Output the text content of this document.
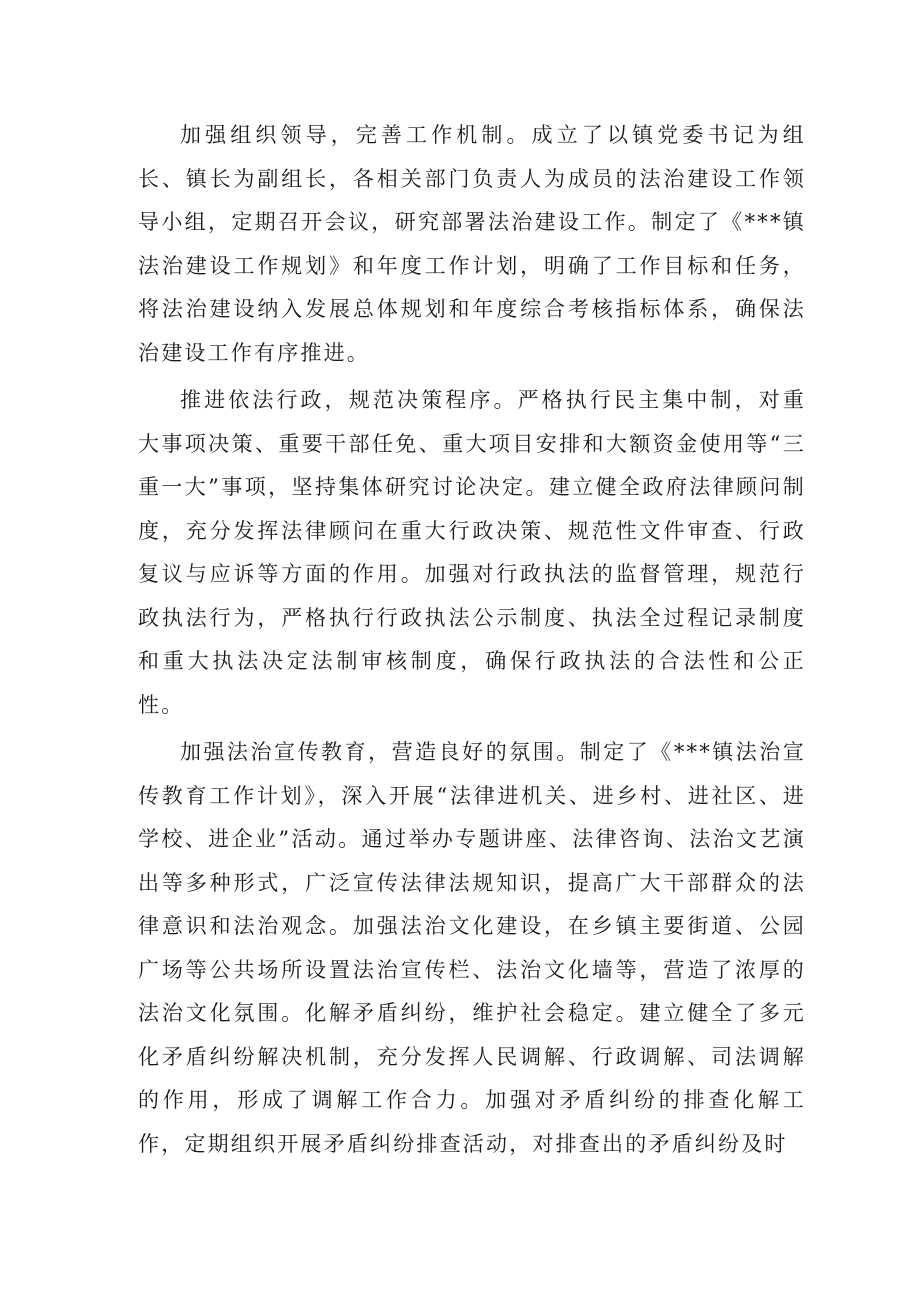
加强组织领导，完善工作机制。成立了以镇党委书记为组长、镇长为副组长，各相关部门负责人为成员的法治建设工作领导小组，定期召开会议，研究部署法治建设工作。制定了《***镇法治建设工作规划》和年度工作计划，明确了工作目标和任务，将法治建设纳入发展总体规划和年度综合考核指标体系，确保法治建设工作有序推进。

推进依法行政，规范决策程序。严格执行民主集中制，对重大事项决策、重要干部任免、重大项目安排和大额资金使用等“三重一大”事项，坚持集体研究讨论决定。建立健全政府法律顾问制度，充分发挥法律顾问在重大行政决策、规范性文件审查、行政复议与应诉等方面的作用。加强对行政执法的监督管理，规范行政执法行为，严格执行行政执法公示制度、执法全过程记录制度和重大执法决定法制审核制度，确保行政执法的合法性和公正性。

加强法治宣传教育，营造良好的氛围。制定了《***镇法治宣传教育工作计划》，深入开展“法律进机关、进乡村、进社区、进学校、进企业”活动。通过举办专题讲座、法律咨询、法治文艺演出等多种形式，广泛宣传法律法规知识，提高广大干部群众的法律意识和法治观念。加强法治文化建设，在乡镇主要街道、公园广场等公共场所设置法治宣传栏、法治文化墙等，营造了浓厚的法治文化氛围。化解矛盾纠纷，维护社会稳定。建立健全了多元化矛盾纠纷解决机制，充分发挥人民调解、行政调解、司法调解的作用，形成了调解工作合力。加强对矛盾纠纷的排查化解工作，定期组织开展矛盾纠纷排查活动，对排查出的矛盾纠纷及时
